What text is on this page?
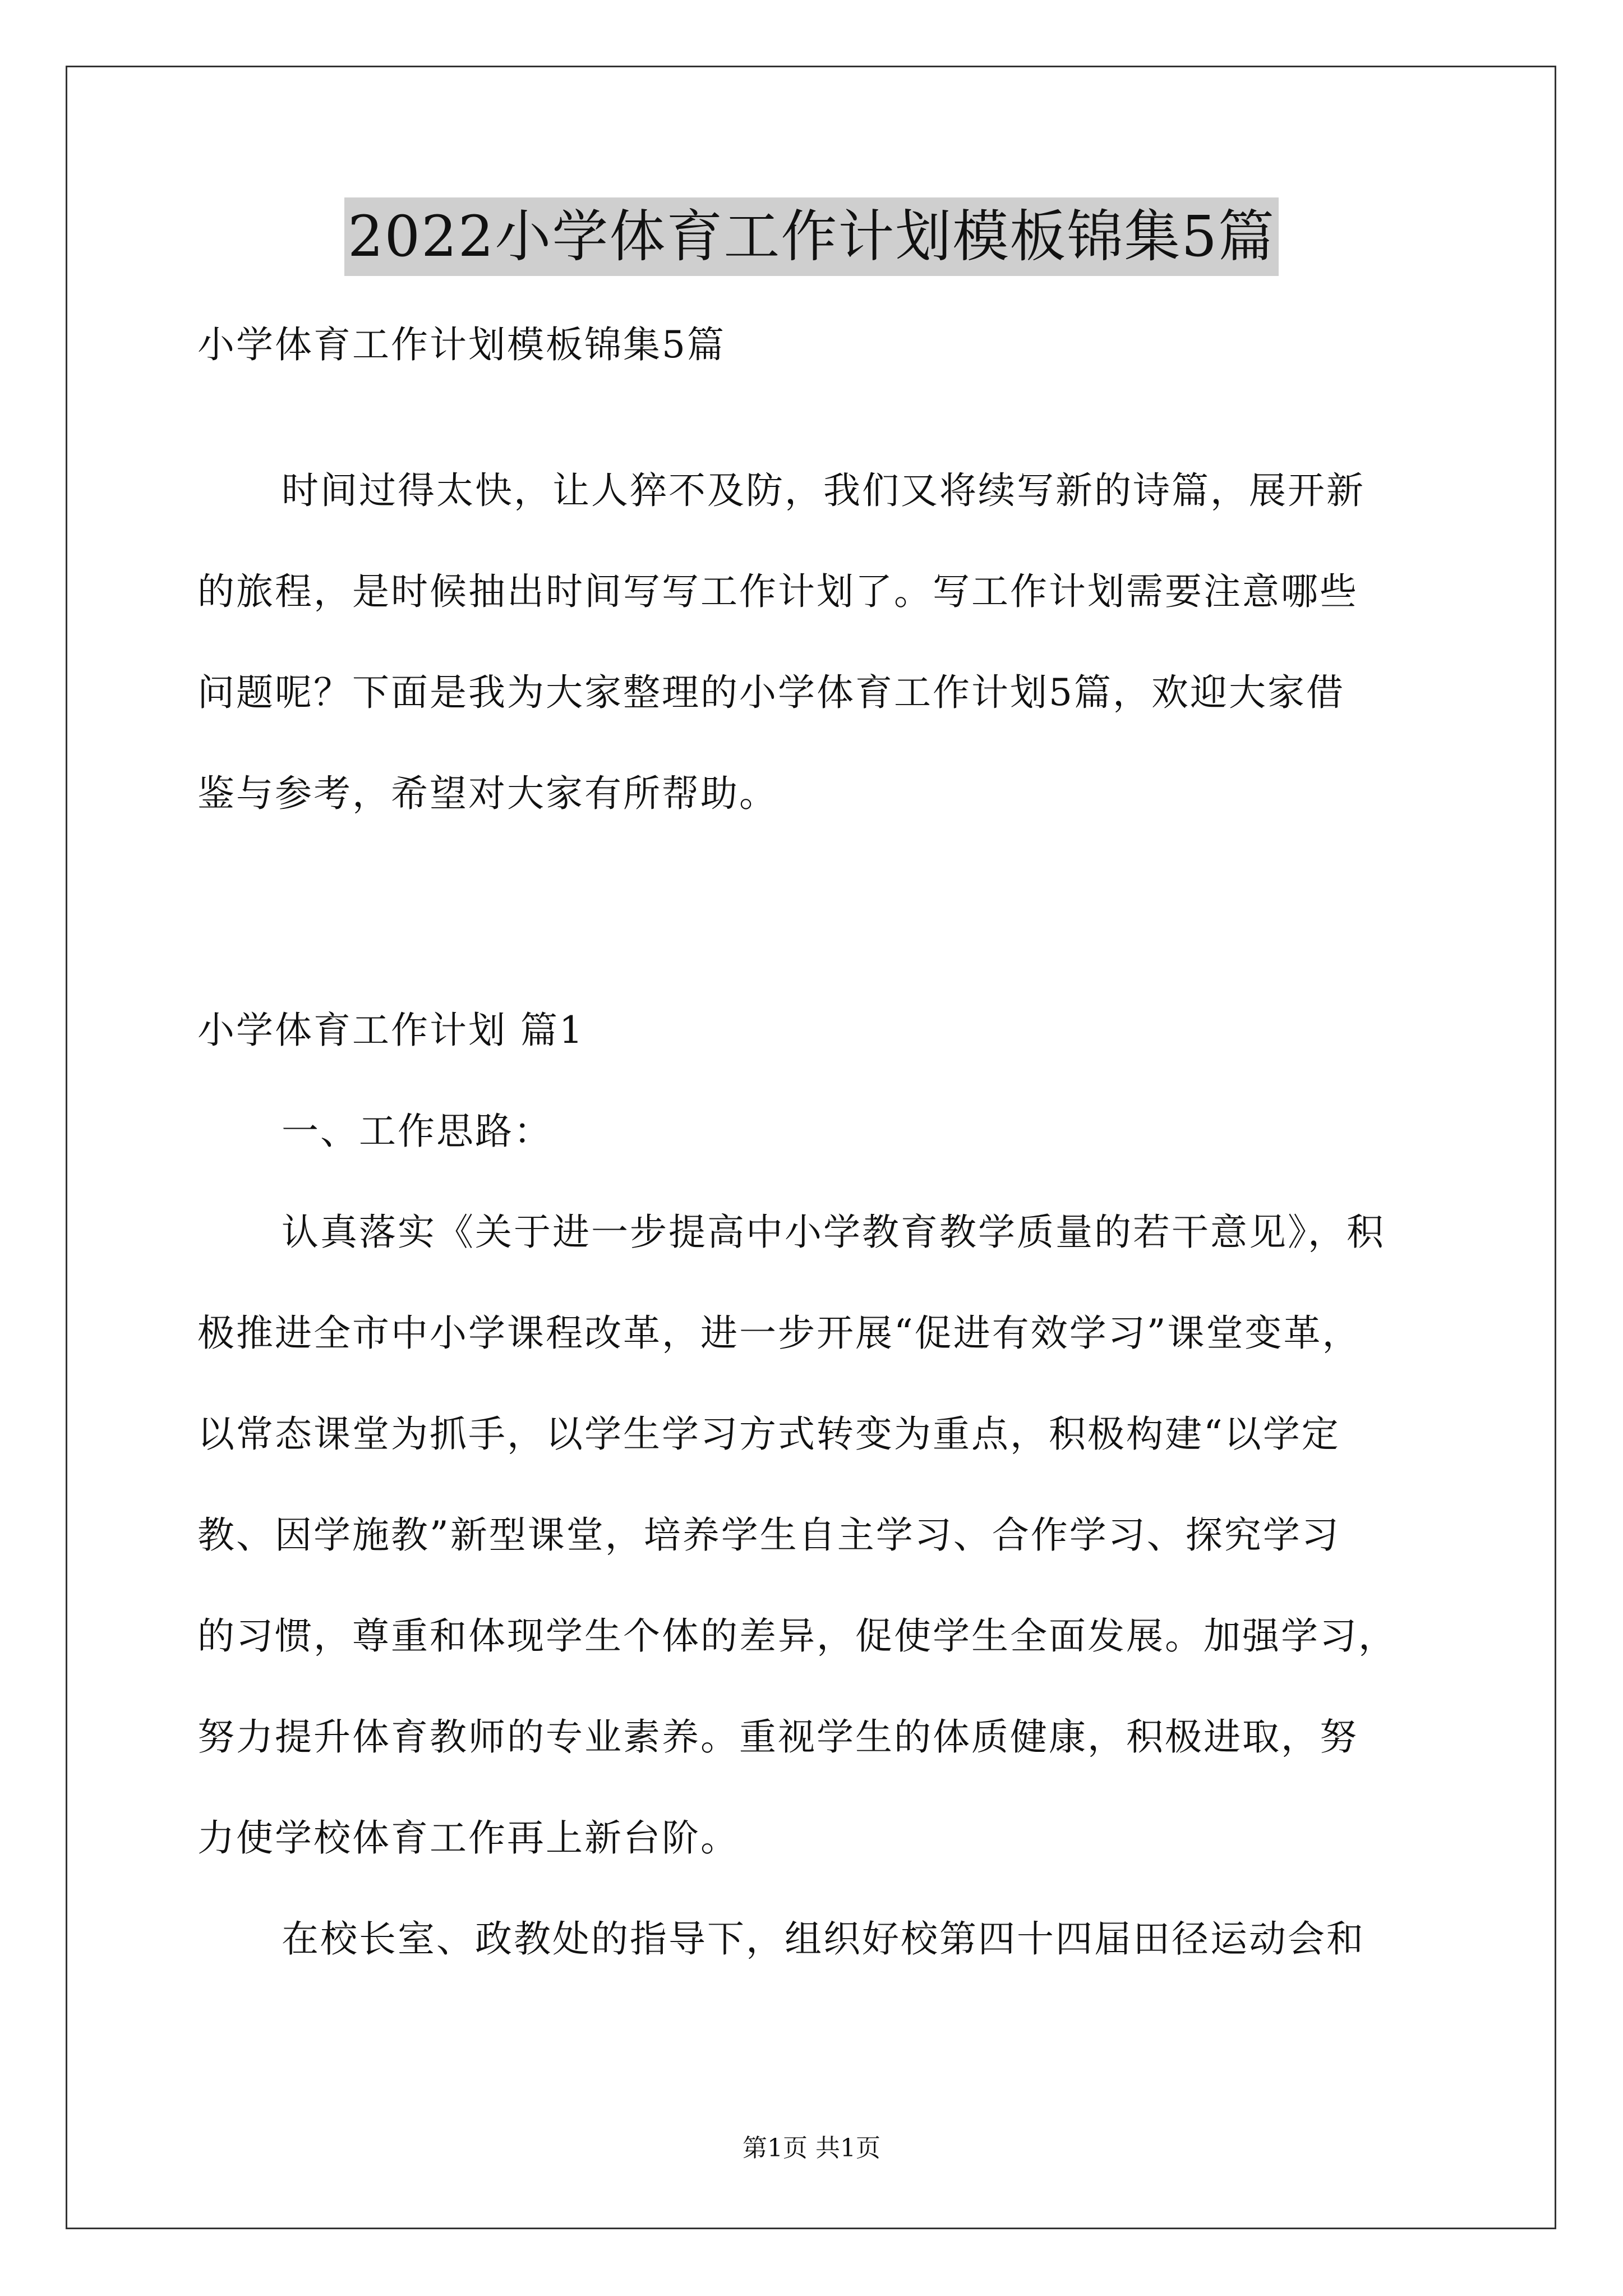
2022小学体育工作计划模板锦集5篇
小学体育工作计划模板锦集5篇
时间过得太快，让人猝不及防，我们又将续写新的诗篇，展开新
的旅程，是时候抽出时间写写工作计划了。写工作计划需要注意哪些
问题呢？下面是我为大家整理的小学体育工作计划5篇，欢迎大家借
鉴与参考，希望对大家有所帮助。
小学体育工作计划 篇1
一、工作思路：
认真落实《关于进一步提高中小学教育教学质量的若干意见》，积
极推进全市中小学课程改革，进一步开展“促进有效学习”课堂变革，
以常态课堂为抓手，以学生学习方式转变为重点，积极构建“以学定
教、因学施教”新型课堂，培养学生自主学习、合作学习、探究学习
的习惯，尊重和体现学生个体的差异，促使学生全面发展。加强学习，
努力提升体育教师的专业素养。重视学生的体质健康，积极进取，努
力使学校体育工作再上新台阶。
在校长室、政教处的指导下，组织好校第四十四届田径运动会和
第1页 共1页
